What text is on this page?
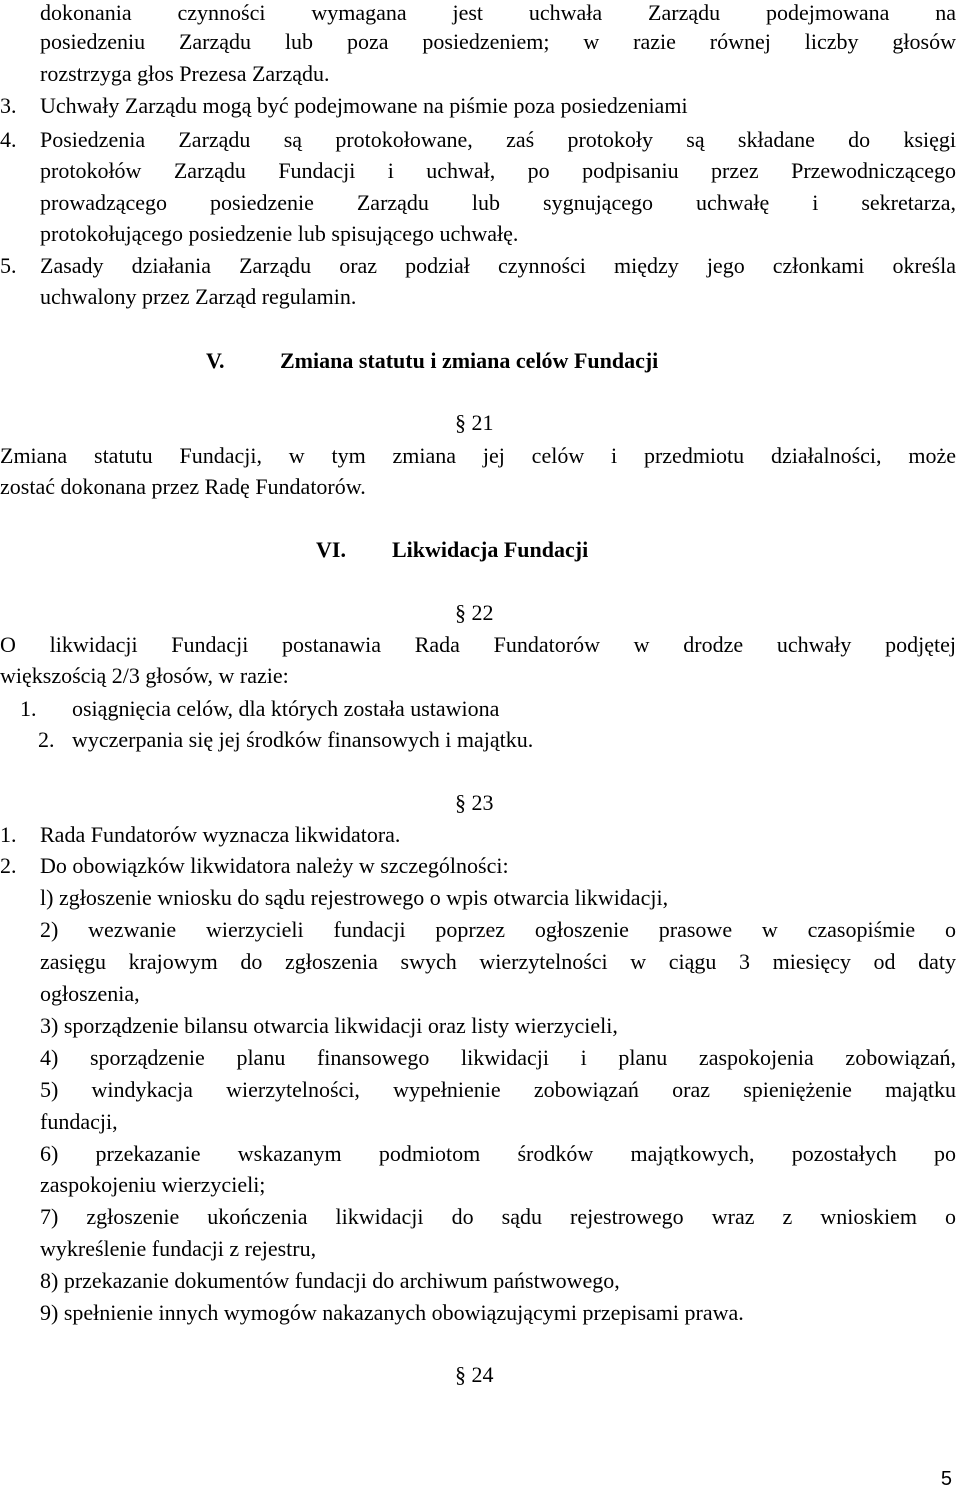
dokonania czynności wymagana jest uchwała Zarządu podejmowana na
posiedzeniu Zarządu lub poza posiedzeniem; w razie równej liczby głosów
rozstrzyga głos Prezesa Zarządu.
3. Uchwały Zarządu mogą być podejmowane na piśmie poza posiedzeniami
4. Posiedzenia Zarządu są protokołowane, zaś protokoły są składane do księgi
protokołów Zarządu Fundacji i uchwał, po podpisaniu przez Przewodniczącego
prowadzącego posiedzenie Zarządu lub sygnującego uchwałę i sekretarza,
protokołującego posiedzenie lub spisującego uchwałę.
5. Zasady działania Zarządu oraz podział czynności między jego członkami określa
uchwalony przez Zarząd regulamin.
V.	Zmiana statutu i zmiana celów Fundacji
§ 21
Zmiana statutu Fundacji, w tym zmiana jej celów i przedmiotu działalności, może
zostać dokonana przez Radę Fundatorów.
VI. Likwidacja Fundacji
§ 22
O likwidacji Fundacji postanawia Rada Fundatorów w drodze uchwały podjętej
większością 2/3 głosów, w razie:
1. osiągnięcia celów, dla których została ustawiona
2. wyczerpania się jej środków finansowych i majątku.
§ 23
1. Rada Fundatorów wyznacza likwidatora.
2. Do obowiązków likwidatora należy w szczególności:
l) zgłoszenie wniosku do sądu rejestrowego o wpis otwarcia likwidacji,
2) wezwanie wierzycieli fundacji poprzez ogłoszenie prasowe w czasopiśmie o
zasięgu krajowym do zgłoszenia swych wierzytelności w ciągu 3 miesięcy od daty
ogłoszenia,
3) sporządzenie bilansu otwarcia likwidacji oraz listy wierzycieli,
4) sporządzenie planu finansowego likwidacji i planu zaspokojenia zobowiązań,
5) windykacja wierzytelności, wypełnienie zobowiązań oraz spieniężenie majątku
fundacji,
6) przekazanie wskazanym podmiotom środków majątkowych, pozostałych po
zaspokojeniu wierzycieli;
7) zgłoszenie ukończenia likwidacji do sądu rejestrowego wraz z wnioskiem o
wykreślenie fundacji z rejestru,
8) przekazanie dokumentów fundacji do archiwum państwowego,
9) spełnienie innych wymogów nakazanych obowiązującymi przepisami prawa.
§ 24
5
